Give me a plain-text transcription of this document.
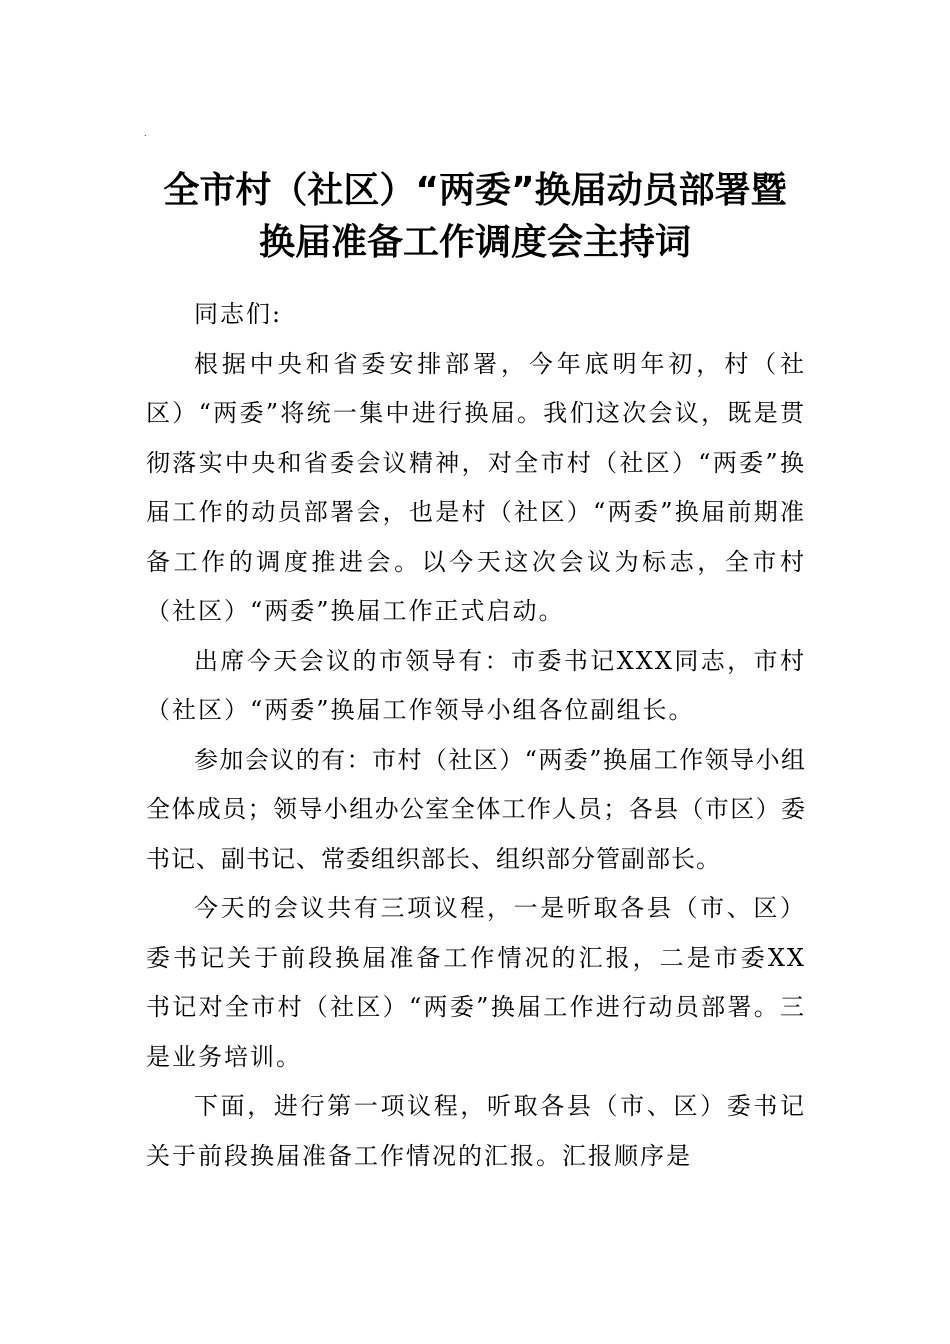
.
全市村（社区）“两委”换届动员部署暨
换届准备工作调度会主持词

同志们:

根据中央和省委安排部署，今年底明年初，村（社区）“两委”将统一集中进行换届。我们这次会议，既是贯彻落实中央和省委会议精神，对全市村（社区）“两委”换届工作的动员部署会，也是村（社区）“两委”换届前期准备工作的调度推进会。以今天这次会议为标志，全市村（社区）“两委”换届工作正式启动。

出席今天会议的市领导有：市委书记XXX同志，市村（社区）“两委”换届工作领导小组各位副组长。

参加会议的有：市村（社区）“两委”换届工作领导小组全体成员；领导小组办公室全体工作人员；各县（市区）委书记、副书记、常委组织部长、组织部分管副部长。

今天的会议共有三项议程，一是听取各县（市、区）委书记关于前段换届准备工作情况的汇报，二是市委XX书记对全市村（社区）“两委”换届工作进行动员部署。三是业务培训。

下面，进行第一项议程，听取各县（市、区）委书记关于前段换届准备工作情况的汇报。汇报顺序是
